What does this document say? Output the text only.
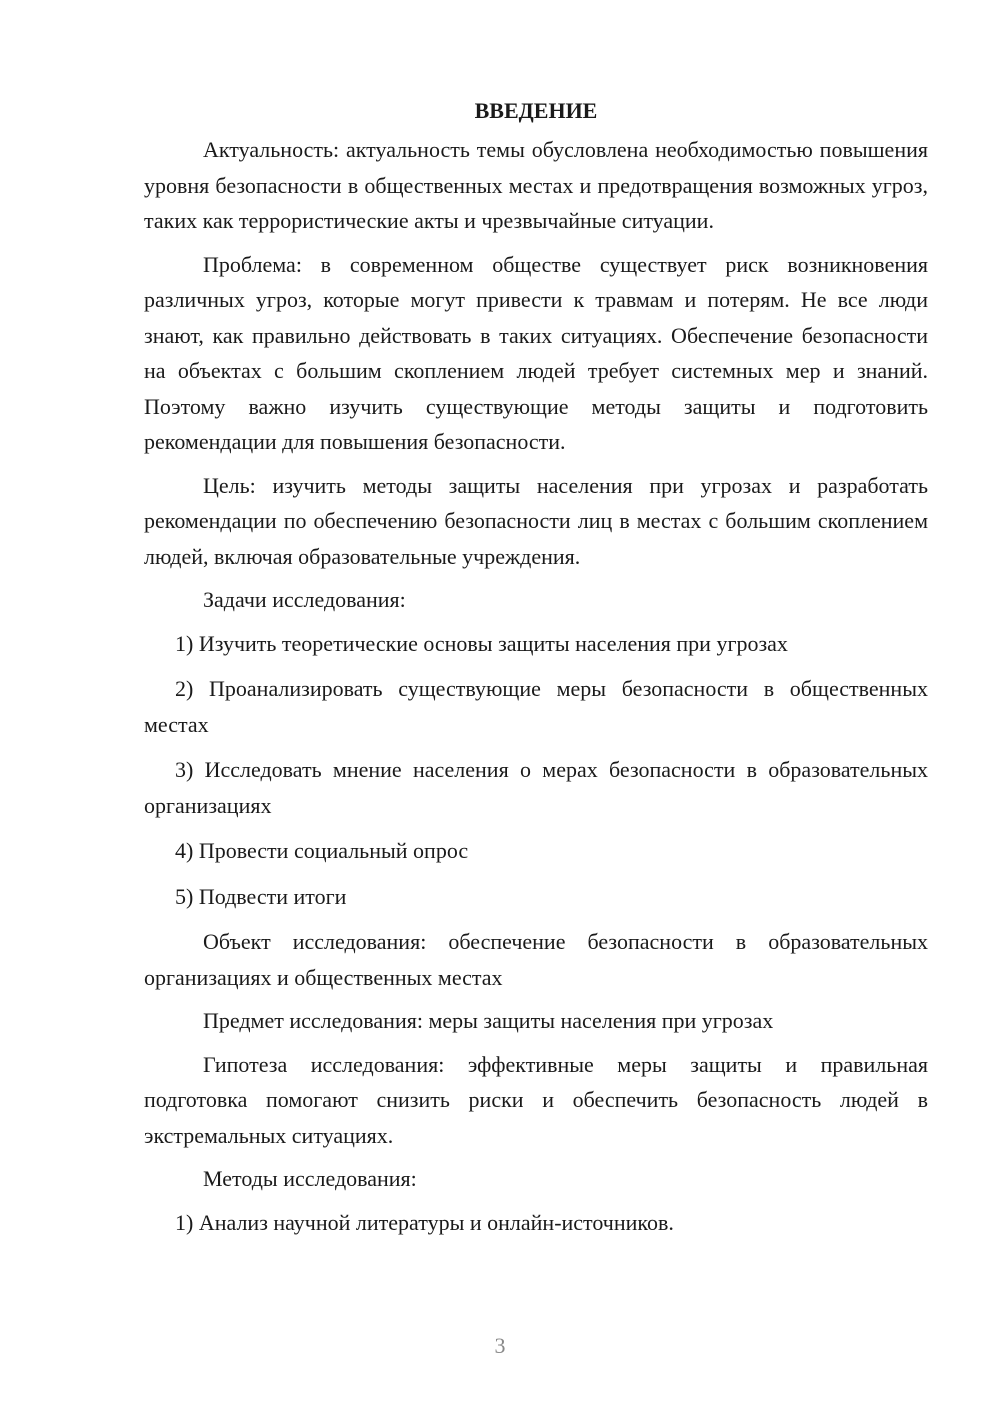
ВВЕДЕНИЕ

Актуальность: актуальность темы обусловлена необходимостью повышения уровня безопасности в общественных местах и предотвращения возможных угроз, таких как террористические акты и чрезвычайные ситуации.

Проблема: в современном обществе существует риск возникновения различных угроз, которые могут привести к травмам и потерям. Не все люди знают, как правильно действовать в таких ситуациях. Обеспечение безопасности на объектах с большим скоплением людей требует системных мер и знаний. Поэтому важно изучить существующие методы защиты и подготовить рекомендации для повышения безопасности.

Цель: изучить методы защиты населения при угрозах и разработать рекомендации по обеспечению безопасности лиц в местах с большим скоплением людей, включая образовательные учреждения.

Задачи исследования:

1) Изучить теоретические основы защиты населения при угрозах

2) Проанализировать существующие меры безопасности в общественных местах

3) Исследовать мнение населения о мерах безопасности в образовательных организациях

4) Провести социальный опрос

5) Подвести итоги

Объект исследования: обеспечение безопасности в образовательных организациях и общественных местах

Предмет исследования: меры защиты населения при угрозах

Гипотеза исследования: эффективные меры защиты и правильная подготовка помогают снизить риски и обеспечить безопасность людей в экстремальных ситуациях.

Методы исследования:

1) Анализ научной литературы и онлайн-источников.

3
